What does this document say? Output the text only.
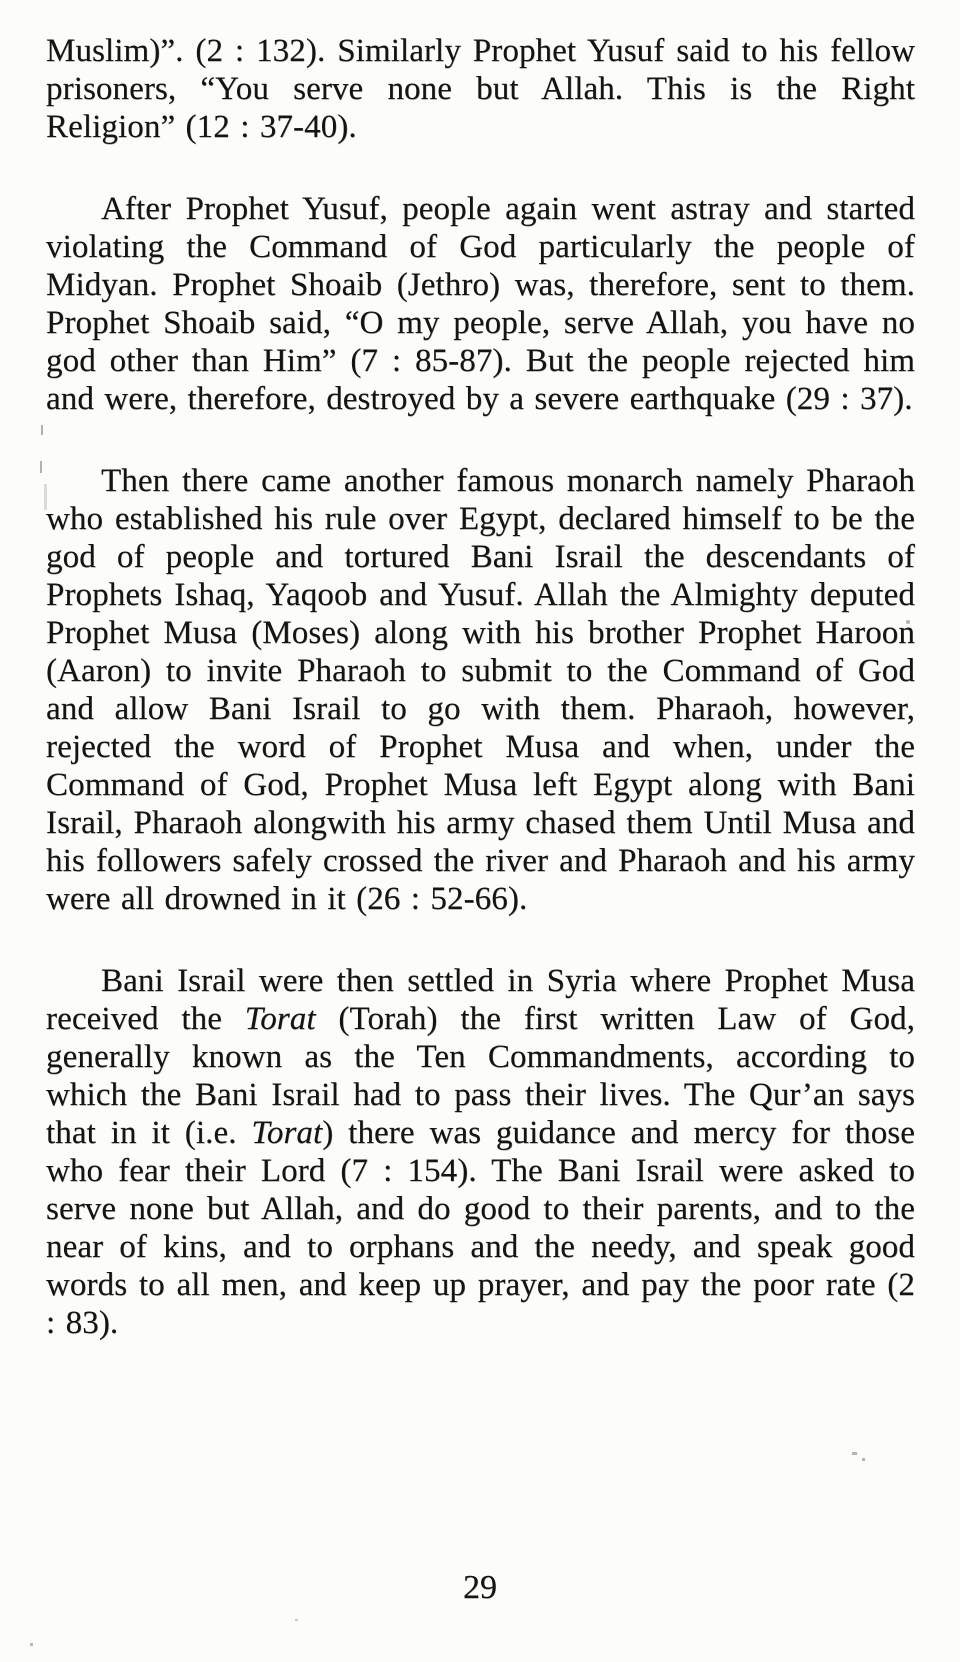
Muslim)”. (2 : 132). Similarly Prophet Yusuf said to his fellow prisoners, “You serve none but Allah. This is the Right Religion” (12 : 37-40).

After Prophet Yusuf, people again went astray and started violating the Command of God particularly the people of Midyan. Prophet Shoaib (Jethro) was, therefore, sent to them. Prophet Shoaib said, “O my people, serve Allah, you have no god other than Him” (7 : 85-87). But the people rejected him and were, therefore, destroyed by a severe earthquake (29 : 37).

Then there came another famous monarch namely Pharaoh who established his rule over Egypt, declared himself to be the god of people and tortured Bani Israil the descendants of Prophets Ishaq, Yaqoob and Yusuf. Allah the Almighty deputed Prophet Musa (Moses) along with his brother Prophet Haroon (Aaron) to invite Pharaoh to submit to the Command of God and allow Bani Israil to go with them. Pharaoh, however, rejected the word of Prophet Musa and when, under the Command of God, Prophet Musa left Egypt along with Bani Israil, Pharaoh alongwith his army chased them Until Musa and his followers safely crossed the river and Pharaoh and his army were all drowned in it (26 : 52-66).

Bani Israil were then settled in Syria where Prophet Musa received the Torat (Torah) the first written Law of God, generally known as the Ten Commandments, according to which the Bani Israil had to pass their lives. The Qur’an says that in it (i.e. Torat) there was guidance and mercy for those who fear their Lord (7 : 154). The Bani Israil were asked to serve none but Allah, and do good to their parents, and to the near of kins, and to orphans and the needy, and speak good words to all men, and keep up prayer, and pay the poor rate (2 : 83).

29
